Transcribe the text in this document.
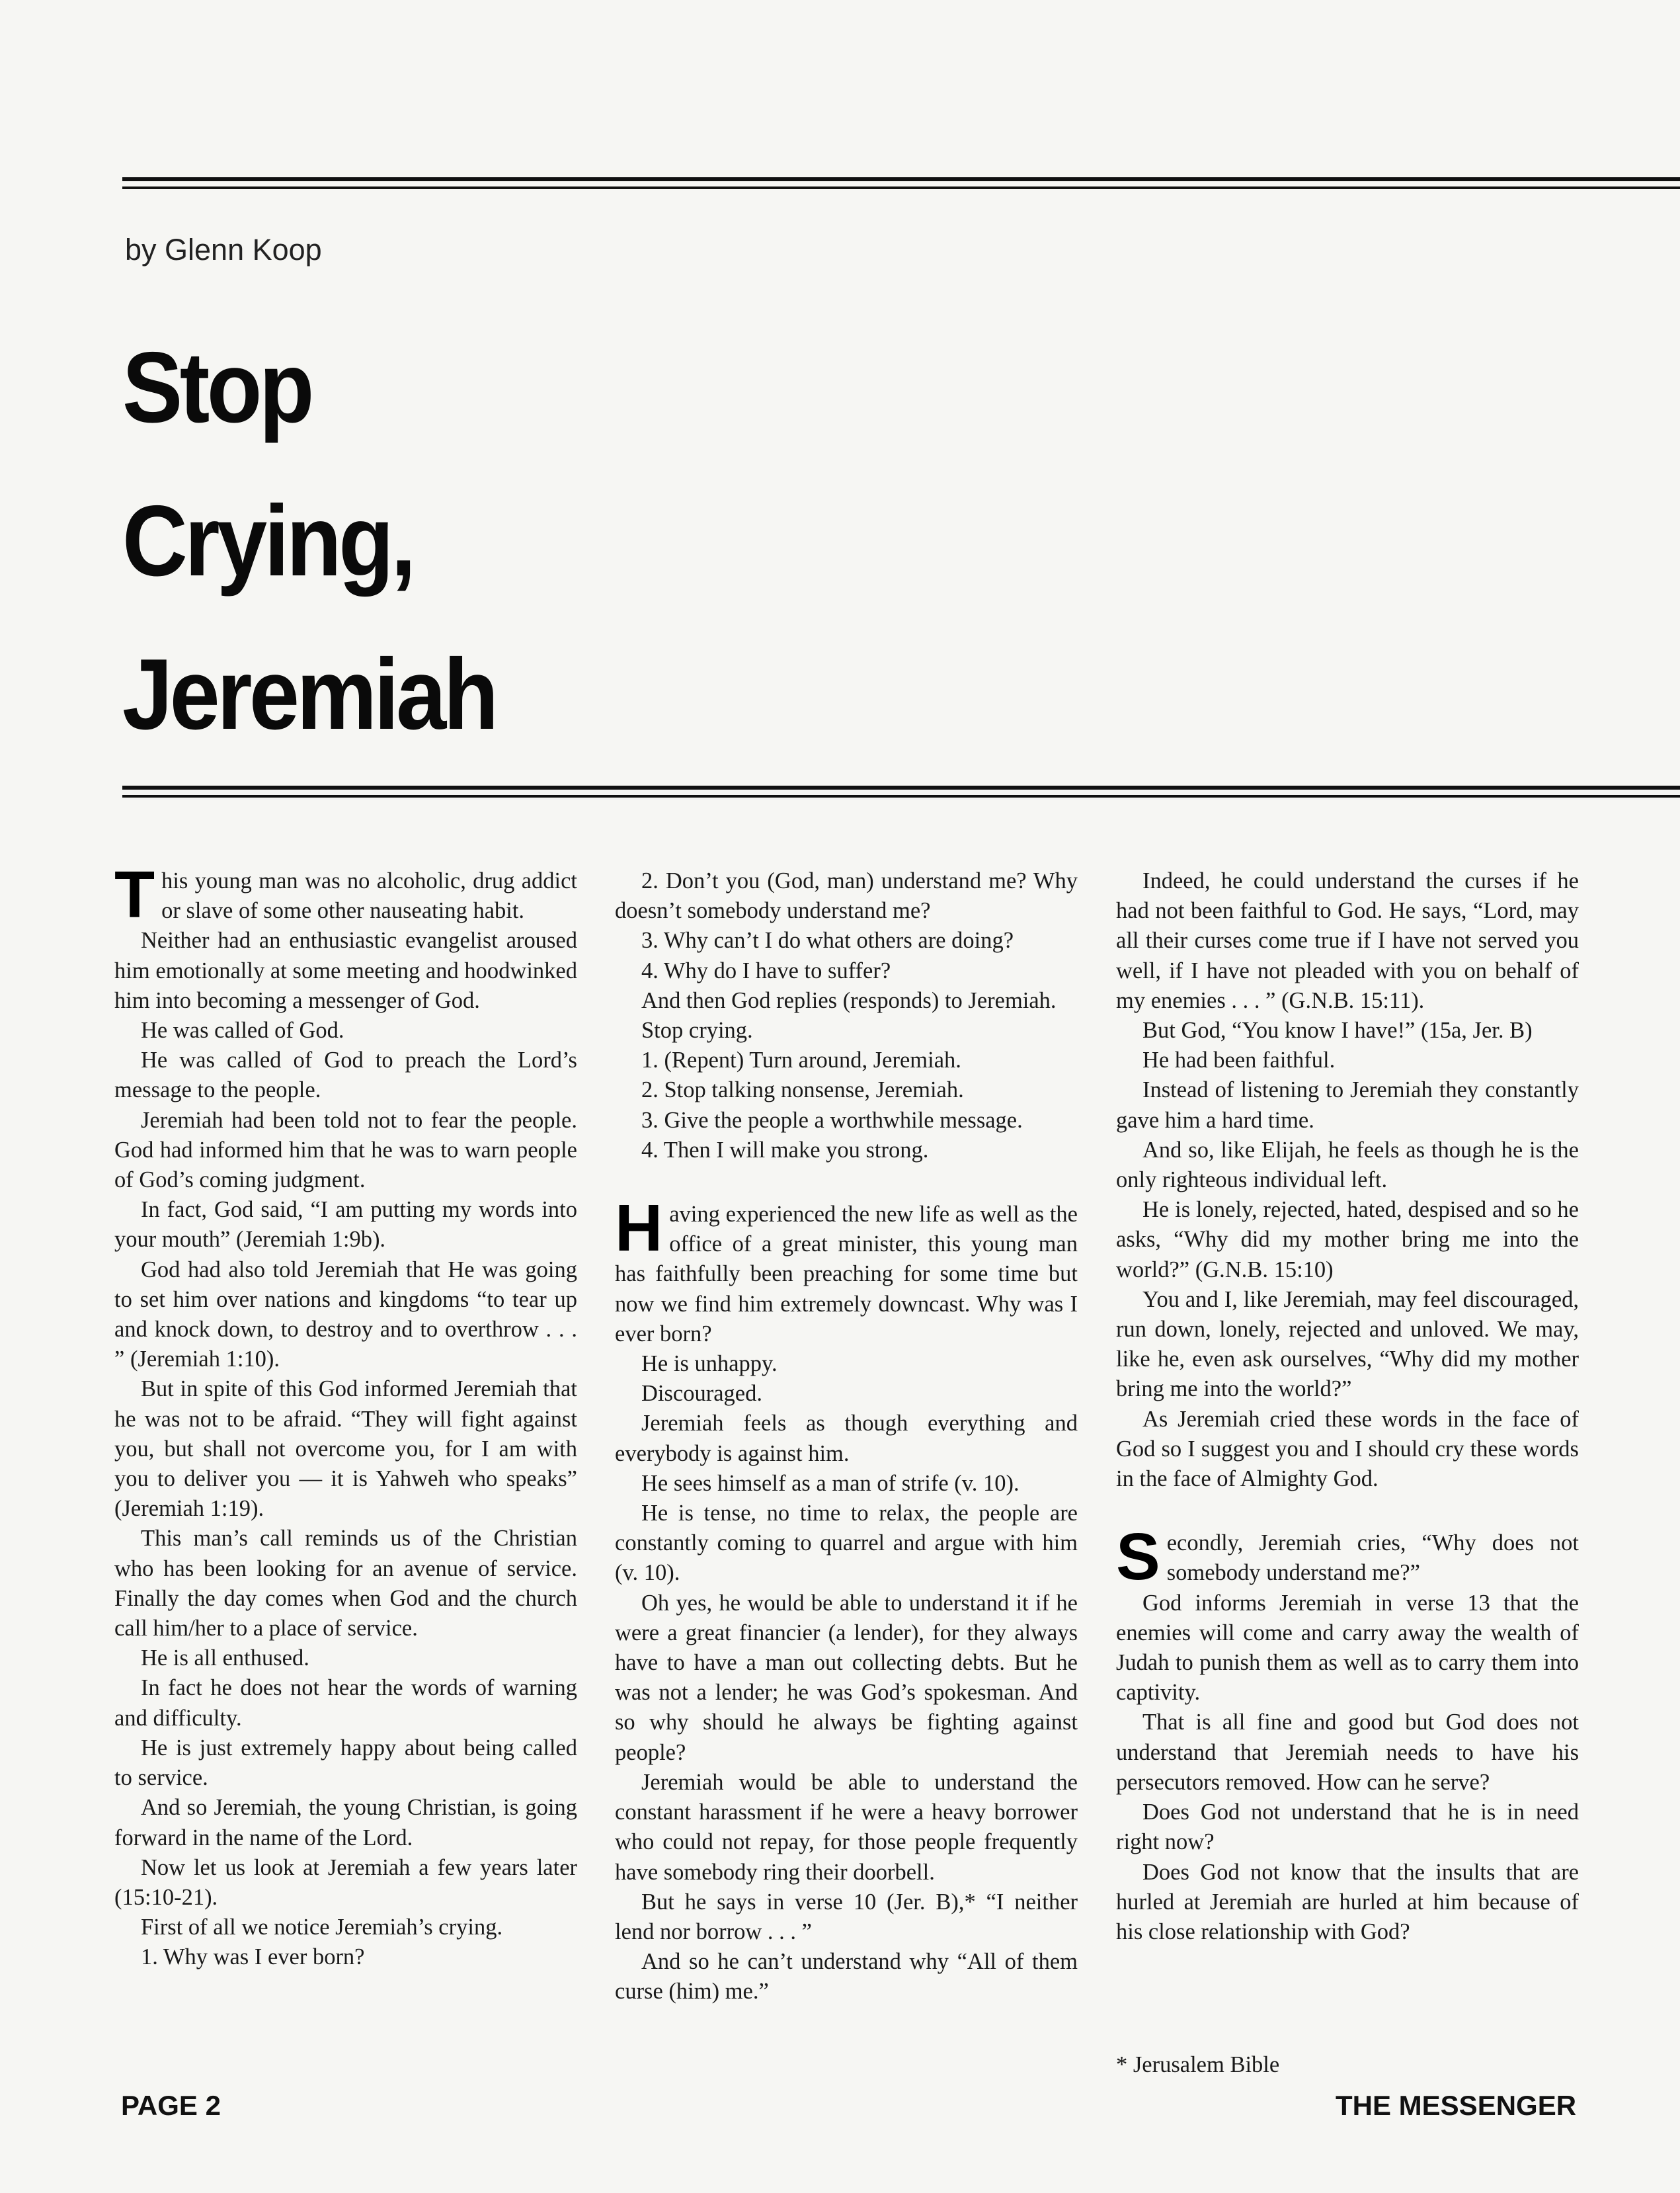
by Glenn Koop
Stop
Crying,
Jeremiah

This young man was no alcoholic, drug addict or slave of some other nauseating habit.

Neither had an enthusiastic evangelist aroused him emotionally at some meeting and hoodwinked him into becoming a messenger of God.

He was called of God.

He was called of God to preach the Lord’s message to the people.

Jeremiah had been told not to fear the people. God had informed him that he was to warn people of God’s coming judgment.

In fact, God said, “I am putting my words into your mouth” (Jeremiah 1:9b).

God had also told Jeremiah that He was going to set him over nations and kingdoms “to tear up and knock down, to destroy and to overthrow . . . ” (Jeremiah 1:10).

But in spite of this God informed Jeremiah that he was not to be afraid. “They will fight against you, but shall not overcome you, for I am with you to deliver you — it is Yahweh who speaks” (Jeremiah 1:19).

This man’s call reminds us of the Christian who has been looking for an avenue of service. Finally the day comes when God and the church call him/her to a place of service.

He is all enthused.

In fact he does not hear the words of warning and difficulty.

He is just extremely happy about being called to service.

And so Jeremiah, the young Christian, is going forward in the name of the Lord.

Now let us look at Jeremiah a few years later (15:10-21).

First of all we notice Jeremiah’s crying.

1. Why was I ever born?

2. Don’t you (God, man) understand me? Why doesn’t somebody understand me?

3. Why can’t I do what others are doing?

4. Why do I have to suffer?

And then God replies (responds) to Jeremiah.

Stop crying.

1. (Repent) Turn around, Jeremiah.

2. Stop talking nonsense, Jeremiah.

3. Give the people a worthwhile message.

4. Then I will make you strong.

Having experienced the new life as well as the office of a great minister, this young man has faithfully been preaching for some time but now we find him extremely downcast. Why was I ever born?

He is unhappy.

Discouraged.

Jeremiah feels as though everything and everybody is against him.

He sees himself as a man of strife (v. 10).

He is tense, no time to relax, the people are constantly coming to quarrel and argue with him (v. 10).

Oh yes, he would be able to understand it if he were a great financier (a lender), for they always have to have a man out collecting debts. But he was not a lender; he was God’s spokesman. And so why should he always be fighting against people?

Jeremiah would be able to understand the constant harassment if he were a heavy borrower who could not repay, for those people frequently have somebody ring their doorbell.

But he says in verse 10 (Jer. B),* “I neither lend nor borrow . . . ”

And so he can’t understand why “All of them curse (him) me.”

Indeed, he could understand the curses if he had not been faithful to God. He says, “Lord, may all their curses come true if I have not served you well, if I have not pleaded with you on behalf of my enemies . . . ” (G.N.B. 15:11).

But God, “You know I have!” (15a, Jer. B)

He had been faithful.

Instead of listening to Jeremiah they constantly gave him a hard time.

And so, like Elijah, he feels as though he is the only righteous individual left.

He is lonely, rejected, hated, despised and so he asks, “Why did my mother bring me into the world?” (G.N.B. 15:10)

You and I, like Jeremiah, may feel discouraged, run down, lonely, rejected and unloved. We may, like he, even ask ourselves, “Why did my mother bring me into the world?”

As Jeremiah cried these words in the face of God so I suggest you and I should cry these words in the face of Almighty God.

Secondly, Jeremiah cries, “Why does not somebody understand me?”

God informs Jeremiah in verse 13 that the enemies will come and carry away the wealth of Judah to punish them as well as to carry them into captivity.

That is all fine and good but God does not understand that Jeremiah needs to have his persecutors removed. How can he serve?

Does God not understand that he is in need right now?

Does God not know that the insults that are hurled at Jeremiah are hurled at him because of his close relationship with God?

* Jerusalem Bible
PAGE 2	THE MESSENGER
